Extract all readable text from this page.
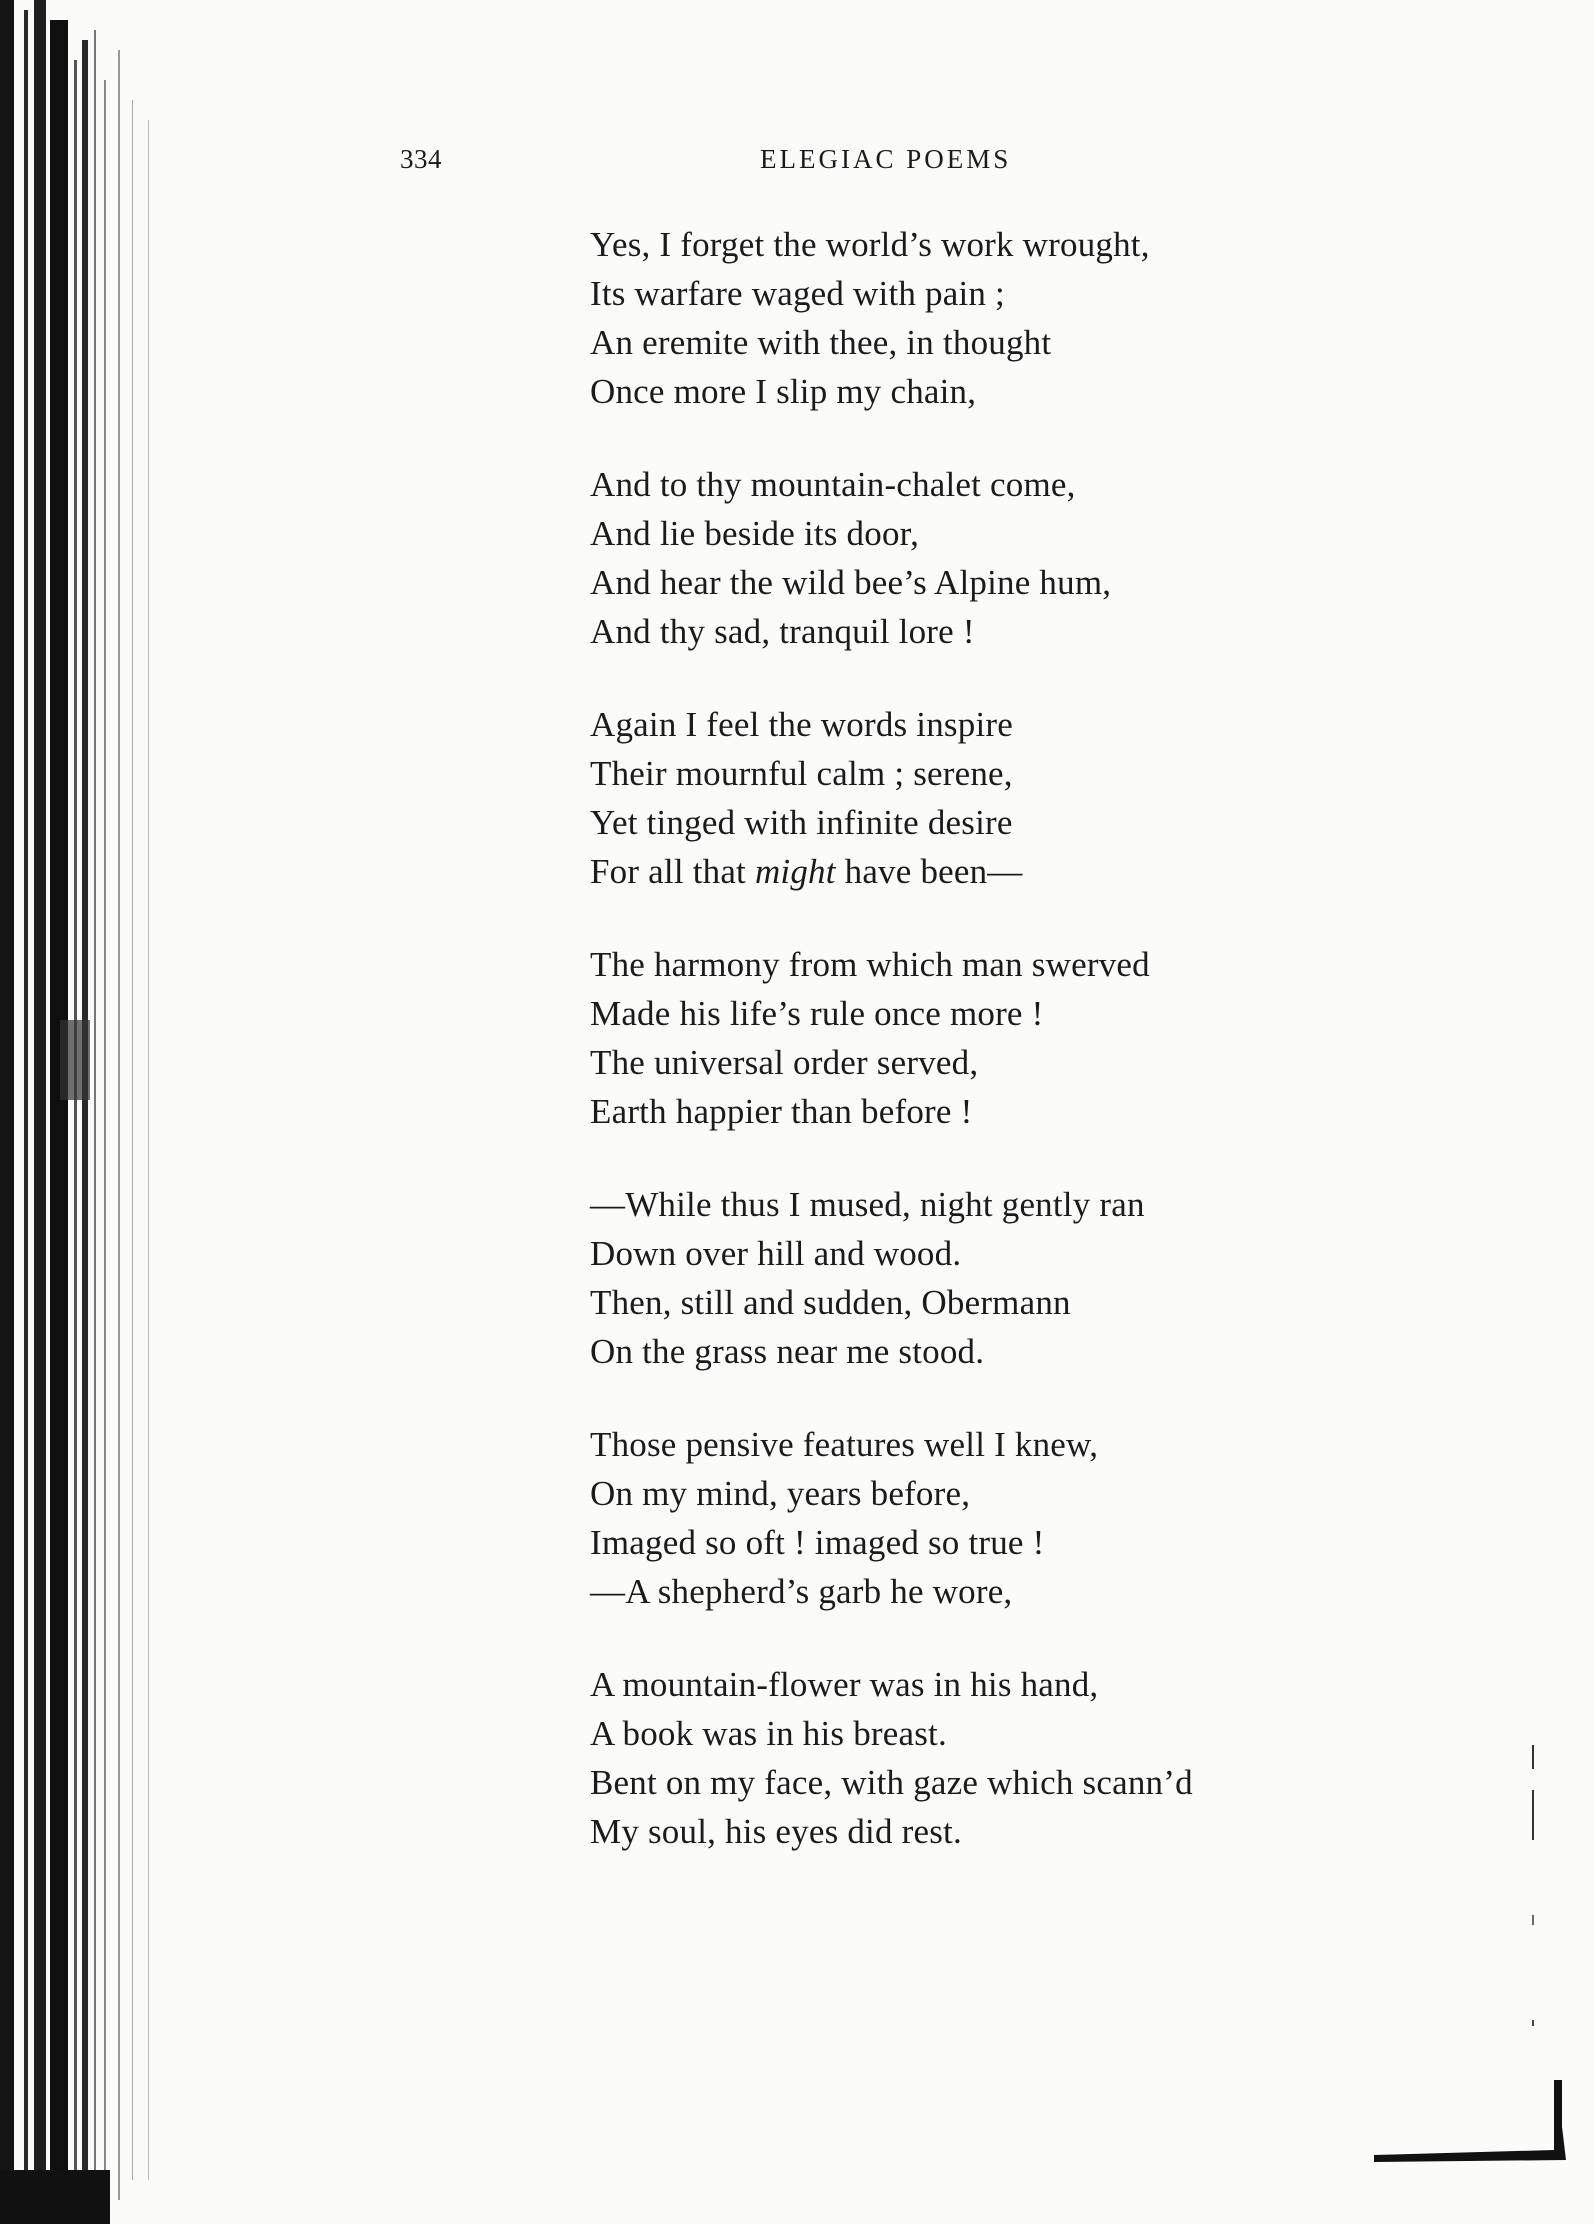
334	ELEGIAC POEMS
Yes, I forget the world’s work wrought,
Its warfare waged with pain ;
An eremite with thee, in thought
Once more I slip my chain,
And to thy mountain-chalet come,
And lie beside its door,
And hear the wild bee’s Alpine hum,
And thy sad, tranquil lore !
Again I feel the words inspire
Their mournful calm ; serene,
Yet tinged with infinite desire
For all that might have been—
The harmony from which man swerved
Made his life’s rule once more !
The universal order served,
Earth happier than before !
—While thus I mused, night gently ran
Down over hill and wood.
Then, still and sudden, Obermann
On the grass near me stood.
Those pensive features well I knew,
On my mind, years before,
Imaged so oft ! imaged so true !
—A shepherd’s garb he wore,
A mountain-flower was in his hand,
A book was in his breast.
Bent on my face, with gaze which scann’d
My soul, his eyes did rest.
